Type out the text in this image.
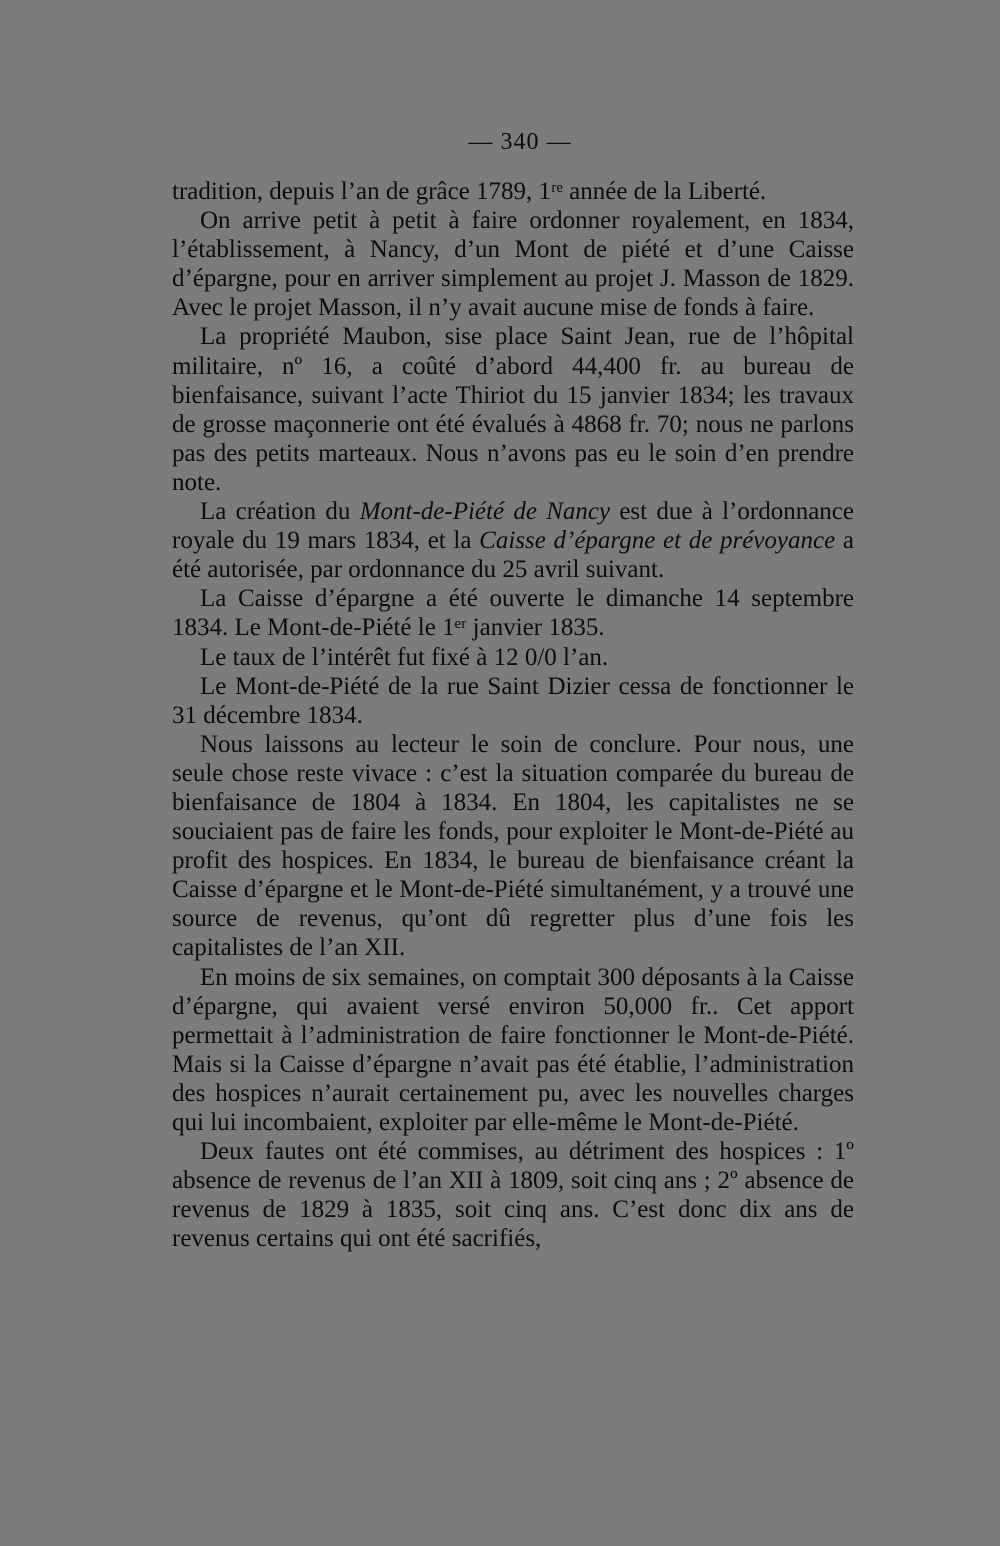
— 340 —

tradition, depuis l’an de grâce 1789, 1ʳᵉ année de la Liberté.

On arrive petit à petit à faire ordonner royalement, en 1834, l’établissement, à Nancy, d’un Mont de piété et d’une Caisse d’épargne, pour en arriver simplement au projet J. Masson de 1829. Avec le projet Masson, il n’y avait aucune mise de fonds à faire.

La propriété Maubon, sise place Saint Jean, rue de l’hôpital militaire, nº 16, a coûté d’abord 44,400 fr. au bureau de bienfaisance, suivant l’acte Thiriot du 15 janvier 1834; les travaux de grosse maçonnerie ont été évalués à 4868 fr. 70; nous ne parlons pas des petits marteaux. Nous n’avons pas eu le soin d’en prendre note.

La création du Mont-de-Piété de Nancy est due à l’ordonnance royale du 19 mars 1834, et la Caisse d’épargne et de prévoyance a été autorisée, par ordonnance du 25 avril suivant.

La Caisse d’épargne a été ouverte le dimanche 14 septembre 1834. Le Mont-de-Piété le 1ᵉʳ janvier 1835.

Le taux de l’intérêt fut fixé à 12 0/0 l’an.

Le Mont-de-Piété de la rue Saint Dizier cessa de fonctionner le 31 décembre 1834.

Nous laissons au lecteur le soin de conclure. Pour nous, une seule chose reste vivace : c’est la situation comparée du bureau de bienfaisance de 1804 à 1834. En 1804, les capitalistes ne se souciaient pas de faire les fonds, pour exploiter le Mont-de-Piété au profit des hospices. En 1834, le bureau de bienfaisance créant la Caisse d’épargne et le Mont-de-Piété simultanément, y a trouvé une source de revenus, qu’ont dû regretter plus d’une fois les capitalistes de l’an XII.

En moins de six semaines, on comptait 300 déposants à la Caisse d’épargne, qui avaient versé environ 50,000 fr.. Cet apport permettait à l’administration de faire fonctionner le Mont-de-Piété. Mais si la Caisse d’épargne n’avait pas été établie, l’administration des hospices n’aurait certainement pu, avec les nouvelles charges qui lui incombaient, exploiter par elle-même le Mont-de-Piété.

Deux fautes ont été commises, au détriment des hospices : 1º absence de revenus de l’an XII à 1809, soit cinq ans ; 2º absence de revenus de 1829 à 1835, soit cinq ans. C’est donc dix ans de revenus certains qui ont été sacrifiés,
